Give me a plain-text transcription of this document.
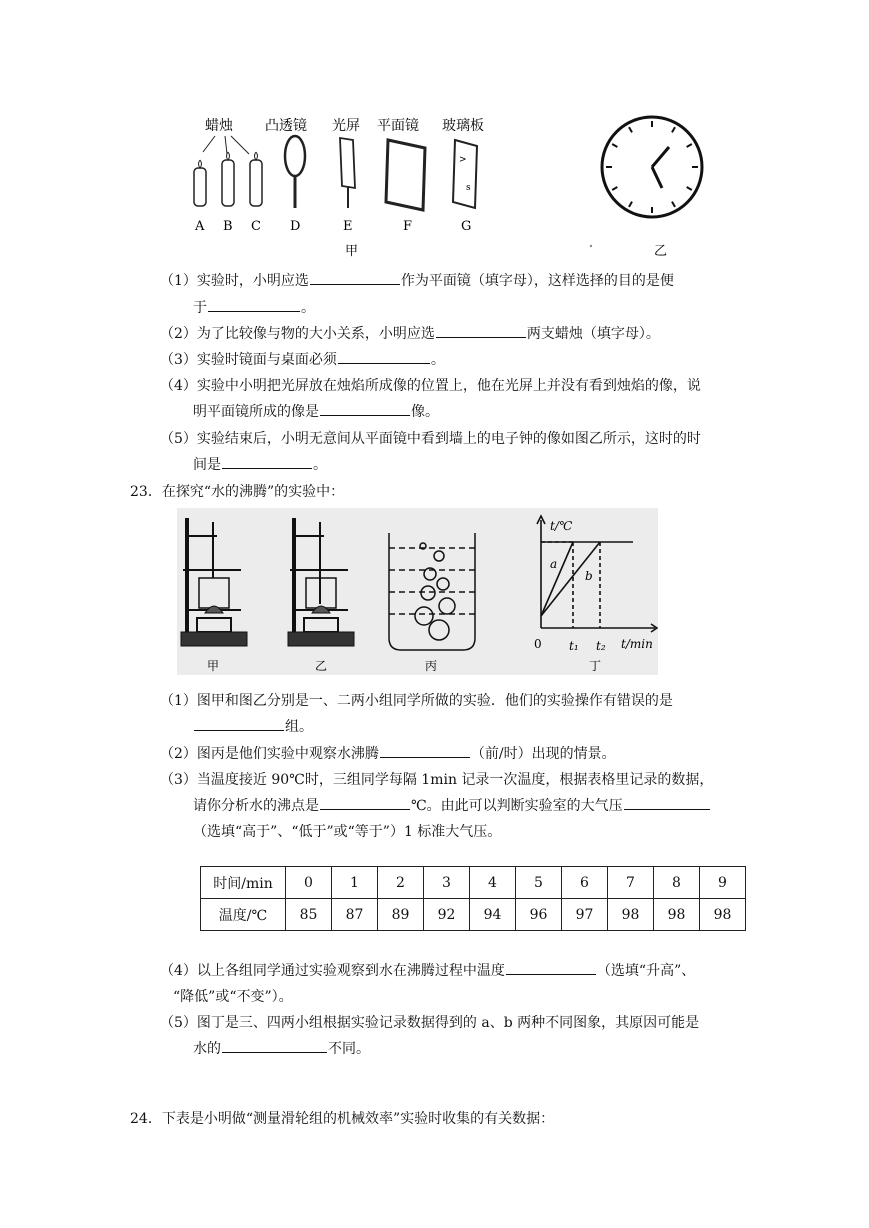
蜡烛 凸透镜 光屏 平面镜 玻璃板
>
s
A B C D	E	F	G
甲	乙
（1）实验时，小明应选	作为平面镜（填字母），这样选择的目的是便
于	。
（2）为了比较像与物的大小关系，小明应选	两支蜡烛（填字母）。
（3）实验时镜面与桌面必须	。
（4）实验中小明把光屏放在烛焰所成像的位置上，他在光屏上并没有看到烛焰的像，说
明平面镜所成的像是	像。
（5）实验结束后，小明无意间从平面镜中看到墙上的电子钟的像如图乙所示，这时的时
间是	。
23．在探究“水的沸腾”的实验中：
t/℃
a
b
0 t₁ t₂ t/min
甲	乙	丙	丁
（1）图甲和图乙分别是一、二两小组同学所做的实验．他们的实验操作有错误的是
组。
（2）图丙是他们实验中观察水沸腾	（前/时）出现的情景。
（3）当温度接近 90℃时，三组同学每隔 1min 记录一次温度，根据表格里记录的数据，
请你分析水的沸点是	℃。由此可以判断实验室的大气压
（选填“高于”、“低于”或“等于”）1 标准大气压。
时间/min	0	1	2	3	4	5	6	7	8	9
温度/℃	85	87	89	92	94	96	97	98	98	98
（4）以上各组同学通过实验观察到水在沸腾过程中温度	（选填“升高”、
“降低”或“不变”）。
（5）图丁是三、四两小组根据实验记录数据得到的 a、b 两种不同图象，其原因可能是
水的	不同。
24．下表是小明做“测量滑轮组的机械效率”实验时收集的有关数据：
